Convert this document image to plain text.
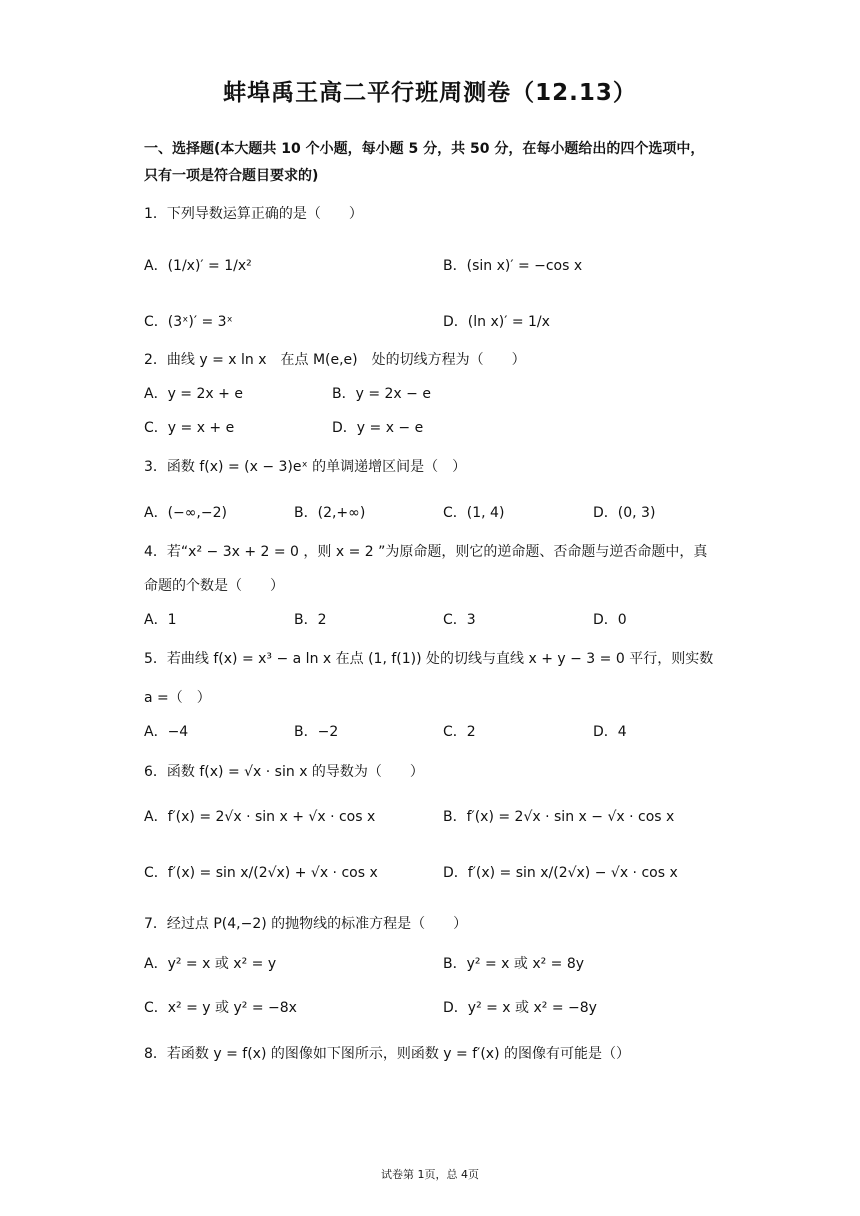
蚌埠禹王高二平行班周测卷（12.13）
一、选择题(本大题共 10 个小题，每小题 5 分，共 50 分，在每小题给出的四个选项中，
只有一项是符合题目要求的)
1．下列导数运算正确的是（　　）
A．(1/x)′ = 1/x²	B．(sin x)′ = −cos x
C．(3ˣ)′ = 3ˣ	D．(ln x)′ = 1/x
2．曲线 y = x ln x　在点 M(e,e)　处的切线方程为（　　）
A．y = 2x + e	B．y = 2x − e
C．y = x + e	D．y = x − e
3．函数 f(x) = (x − 3)eˣ 的单调递增区间是（　）
A．(−∞,−2)	B．(2,+∞)	C．(1, 4)	D．(0, 3)
4．若“x² − 3x + 2 = 0 ，则 x = 2 ”为原命题，则它的逆命题、否命题与逆否命题中，真
命题的个数是（　　）
A．1	B．2	C．3	D．0
5．若曲线 f(x) = x³ − a ln x 在点 (1, f(1)) 处的切线与直线 x + y − 3 = 0 平行，则实数
a =（　）
A．−4	B．−2	C．2	D．4
6．函数 f(x) = √x · sin x 的导数为（　　）
A．f′(x) = 2√x · sin x + √x · cos x	B．f′(x) = 2√x · sin x − √x · cos x
C．f′(x) = sin x/(2√x) + √x · cos x	D．f′(x) = sin x/(2√x) − √x · cos x
7．经过点 P(4,−2) 的抛物线的标准方程是（　　）
A．y² = x 或 x² = y	B．y² = x 或 x² = 8y
C．x² = y 或 y² = −8x	D．y² = x 或 x² = −8y
8．若函数 y = f(x) 的图像如下图所示，则函数 y = f′(x) 的图像有可能是（）
试卷第 1页，总 4页
